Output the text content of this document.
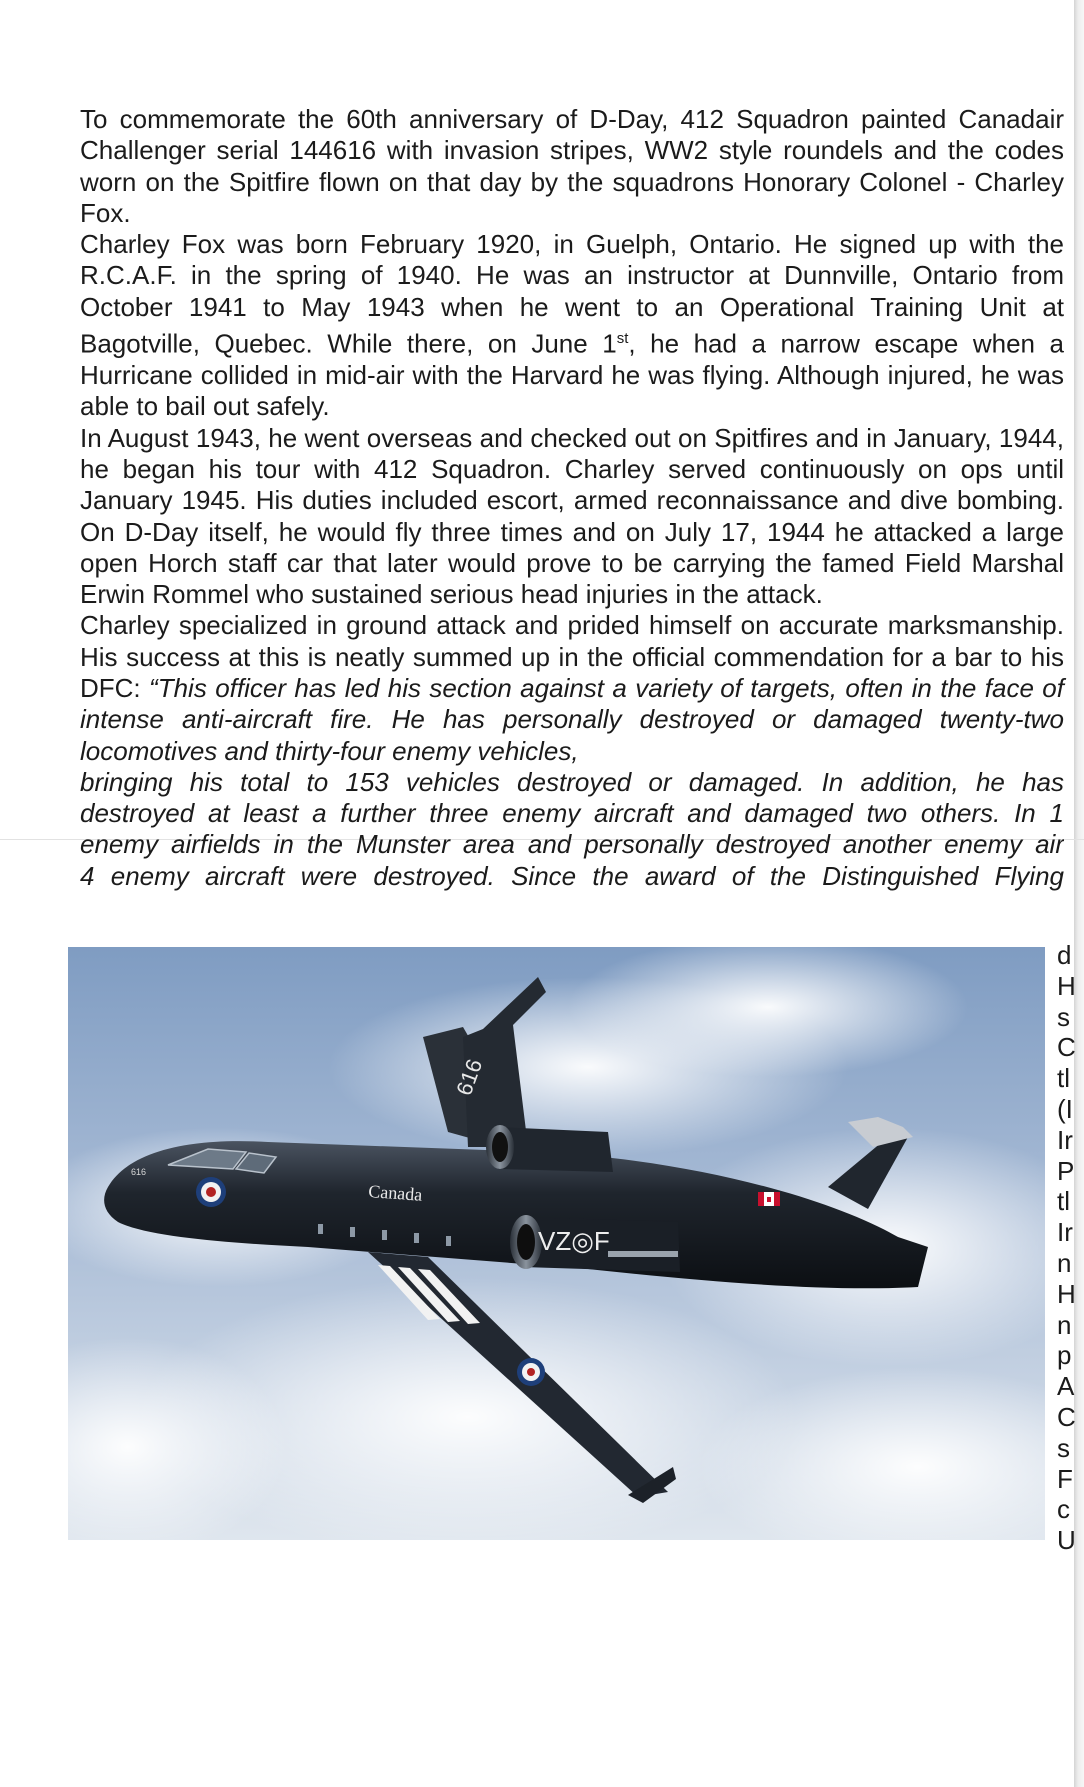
To commemorate the 60th anniversary of D-Day, 412 Squadron painted Canadair Challenger serial 144616 with invasion stripes, WW2 style roundels and the codes worn on the Spitfire flown on that day by the squadrons Honorary Colonel - Charley Fox.

Charley Fox was born February 1920, in Guelph, Ontario. He signed up with the R.C.A.F. in the spring of 1940. He was an instructor at Dunnville, Ontario from October 1941 to May 1943 when he went to an Operational Training Unit at Bagotville, Quebec. While there, on June 1st, he had a narrow escape when a Hurricane collided in mid-air with the Harvard he was flying. Although injured, he was able to bail out safely.

In August 1943, he went overseas and checked out on Spitfires and in January, 1944, he began his tour with 412 Squadron. Charley served continuously on ops until January 1945. His duties included escort, armed reconnaissance and dive bombing. On D-Day itself, he would fly three times and on July 17, 1944 he attacked a large open Horch staff car that later would prove to be carrying the famed Field Marshal Erwin Rommel who sustained serious head injuries in the attack.

Charley specialized in ground attack and prided himself on accurate marksmanship. His success at this is neatly summed up in the official commendation for a bar to his DFC: “This officer has led his section against a variety of targets, often in the face of intense anti-aircraft fire. He has personally destroyed or damaged twenty-two locomotives and thirty-four enemy vehicles,

bringing his total to 153 vehicles destroyed or damaged. In addition, he has
destroyed at least a further three enemy aircraft and damaged two others. In 1
enemy airfields in the Munster area and personally destroyed another enemy air
4 enemy aircraft were destroyed. Since the award of the Distinguished Flying
d
H
s
C
tl
(I
Ir
P
tl
Ir
n
H
n
p
A
C
s
F
c
U
616
Canada
616
VZ◎F
